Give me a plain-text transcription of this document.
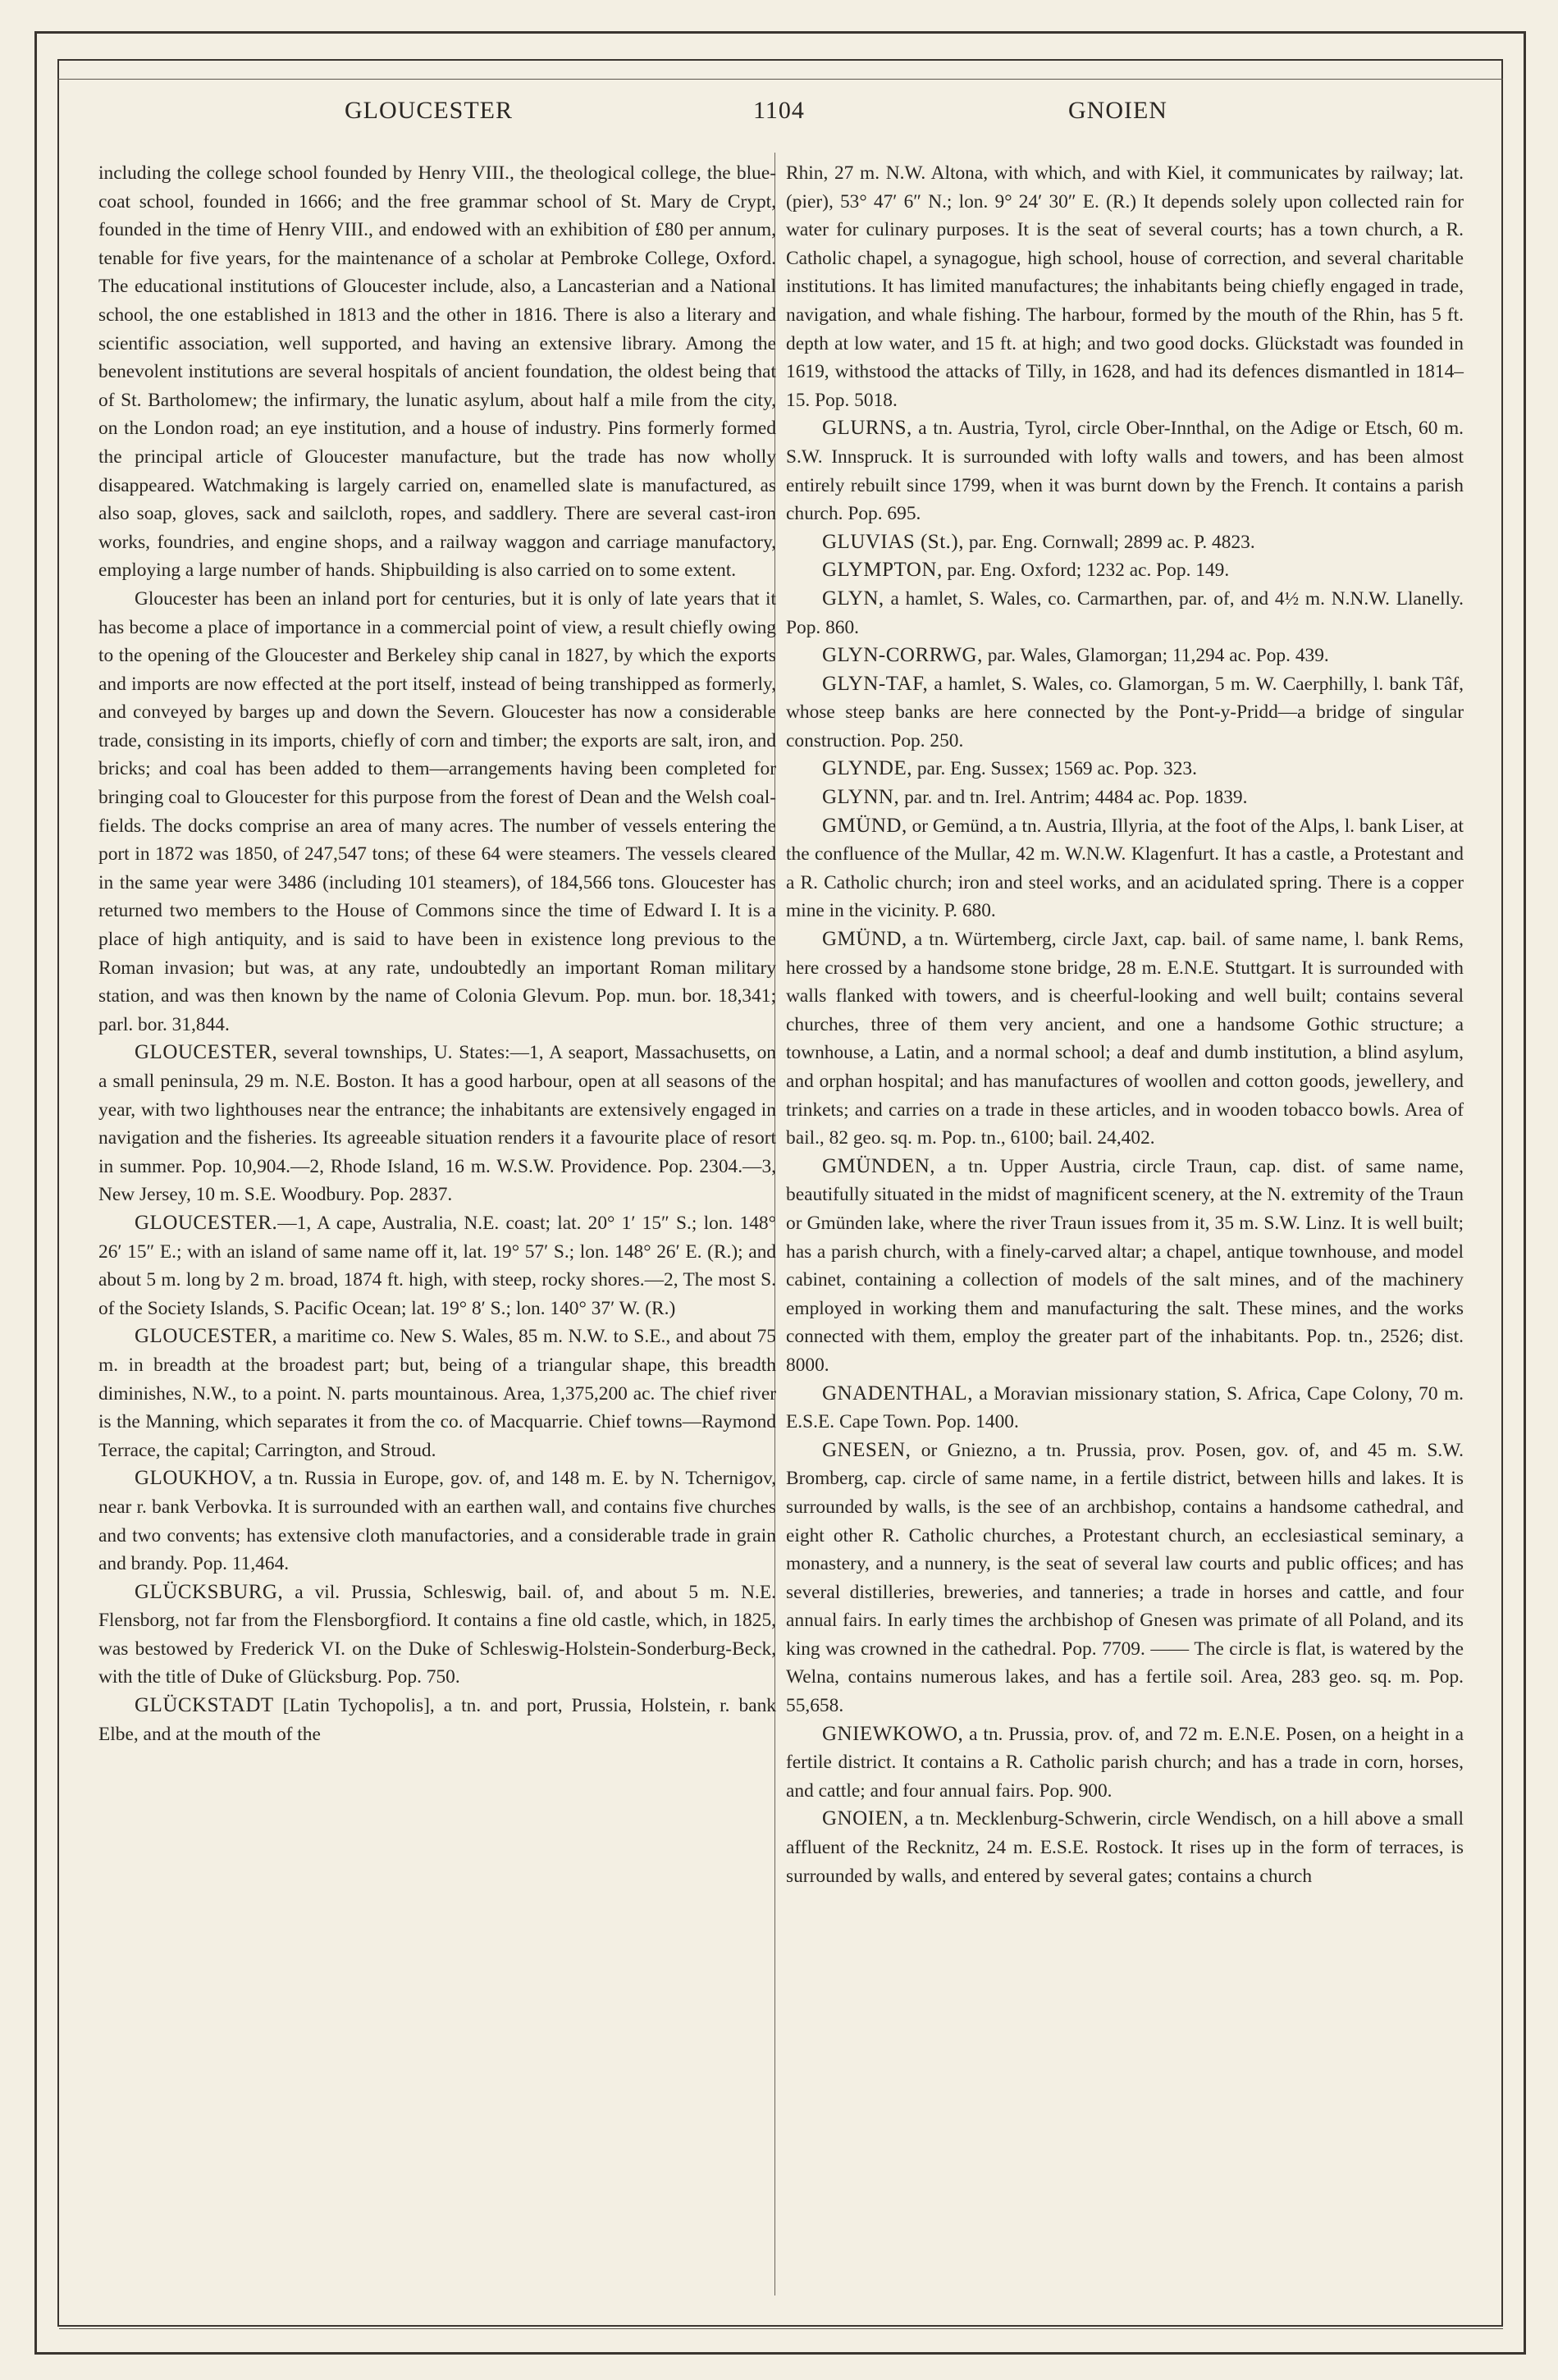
GLOUCESTER	1104	GNOIEN

including the college school founded by Henry VIII., the theological college, the blue-coat school, founded in 1666; and the free grammar school of St. Mary de Crypt, founded in the time of Henry VIII., and endowed with an exhibition of £80 per annum, tenable for five years, for the maintenance of a scholar at Pembroke College, Oxford. The educational institutions of Gloucester include, also, a Lancasterian and a National school, the one established in 1813 and the other in 1816. There is also a literary and scientific association, well supported, and having an extensive library. Among the benevolent institutions are several hospitals of ancient foundation, the oldest being that of St. Bartholomew; the infirmary, the lunatic asylum, about half a mile from the city, on the London road; an eye institution, and a house of industry. Pins formerly formed the principal article of Gloucester manufacture, but the trade has now wholly disappeared. Watchmaking is largely carried on, enamelled slate is manufactured, as also soap, gloves, sack and sailcloth, ropes, and saddlery. There are several cast-iron works, foundries, and engine shops, and a railway waggon and carriage manufactory, employing a large number of hands. Shipbuilding is also carried on to some extent.

Gloucester has been an inland port for centuries, but it is only of late years that it has become a place of importance in a commercial point of view, a result chiefly owing to the opening of the Gloucester and Berkeley ship canal in 1827, by which the exports and imports are now effected at the port itself, instead of being transhipped as formerly, and conveyed by barges up and down the Severn. Gloucester has now a considerable trade, consisting in its imports, chiefly of corn and timber; the exports are salt, iron, and bricks; and coal has been added to them—arrangements having been completed for bringing coal to Gloucester for this purpose from the forest of Dean and the Welsh coal-fields. The docks comprise an area of many acres. The number of vessels entering the port in 1872 was 1850, of 247,547 tons; of these 64 were steamers. The vessels cleared in the same year were 3486 (including 101 steamers), of 184,566 tons. Gloucester has returned two members to the House of Commons since the time of Edward I. It is a place of high antiquity, and is said to have been in existence long previous to the Roman invasion; but was, at any rate, undoubtedly an important Roman military station, and was then known by the name of Colonia Glevum. Pop. mun. bor. 18,341; parl. bor. 31,844.

GLOUCESTER, several townships, U. States:—1, A seaport, Massachusetts, on a small peninsula, 29 m. N.E. Boston. It has a good harbour, open at all seasons of the year, with two lighthouses near the entrance; the inhabitants are extensively engaged in navigation and the fisheries. Its agreeable situation renders it a favourite place of resort in summer. Pop. 10,904.—2, Rhode Island, 16 m. W.S.W. Providence. Pop. 2304.—3, New Jersey, 10 m. S.E. Woodbury. Pop. 2837.

GLOUCESTER.—1, A cape, Australia, N.E. coast; lat. 20° 1′ 15″ S.; lon. 148° 26′ 15″ E.; with an island of same name off it, lat. 19° 57′ S.; lon. 148° 26′ E. (R.); and about 5 m. long by 2 m. broad, 1874 ft. high, with steep, rocky shores.—2, The most S. of the Society Islands, S. Pacific Ocean; lat. 19° 8′ S.; lon. 140° 37′ W. (R.)

GLOUCESTER, a maritime co. New S. Wales, 85 m. N.W. to S.E., and about 75 m. in breadth at the broadest part; but, being of a triangular shape, this breadth diminishes, N.W., to a point. N. parts mountainous. Area, 1,375,200 ac. The chief river is the Manning, which separates it from the co. of Macquarrie. Chief towns—Raymond Terrace, the capital; Carrington, and Stroud.

GLOUKHOV, a tn. Russia in Europe, gov. of, and 148 m. E. by N. Tchernigov, near r. bank Verbovka. It is surrounded with an earthen wall, and contains five churches and two convents; has extensive cloth manufactories, and a considerable trade in grain and brandy. Pop. 11,464.

GLÜCKSBURG, a vil. Prussia, Schleswig, bail. of, and about 5 m. N.E. Flensborg, not far from the Flensborgfiord. It contains a fine old castle, which, in 1825, was bestowed by Frederick VI. on the Duke of Schleswig-Holstein-Sonderburg-Beck, with the title of Duke of Glücksburg. Pop. 750.

GLÜCKSTADT [Latin Tychopolis], a tn. and port, Prussia, Holstein, r. bank Elbe, and at the mouth of the

Rhin, 27 m. N.W. Altona, with which, and with Kiel, it communicates by railway; lat. (pier), 53° 47′ 6″ N.; lon. 9° 24′ 30″ E. (R.) It depends solely upon collected rain for water for culinary purposes. It is the seat of several courts; has a town church, a R. Catholic chapel, a synagogue, high school, house of correction, and several charitable institutions. It has limited manufactures; the inhabitants being chiefly engaged in trade, navigation, and whale fishing. The harbour, formed by the mouth of the Rhin, has 5 ft. depth at low water, and 15 ft. at high; and two good docks. Glückstadt was founded in 1619, withstood the attacks of Tilly, in 1628, and had its defences dismantled in 1814–15. Pop. 5018.

GLURNS, a tn. Austria, Tyrol, circle Ober-Innthal, on the Adige or Etsch, 60 m. S.W. Innspruck. It is surrounded with lofty walls and towers, and has been almost entirely rebuilt since 1799, when it was burnt down by the French. It contains a parish church. Pop. 695.

GLUVIAS (St.), par. Eng. Cornwall; 2899 ac. P. 4823.

GLYMPTON, par. Eng. Oxford; 1232 ac. Pop. 149.

GLYN, a hamlet, S. Wales, co. Carmarthen, par. of, and 4½ m. N.N.W. Llanelly. Pop. 860.

GLYN-CORRWG, par. Wales, Glamorgan; 11,294 ac. Pop. 439.

GLYN-TAF, a hamlet, S. Wales, co. Glamorgan, 5 m. W. Caerphilly, l. bank Tâf, whose steep banks are here connected by the Pont-y-Pridd—a bridge of singular construction. Pop. 250.

GLYNDE, par. Eng. Sussex; 1569 ac. Pop. 323.

GLYNN, par. and tn. Irel. Antrim; 4484 ac. Pop. 1839.

GMÜND, or Gemünd, a tn. Austria, Illyria, at the foot of the Alps, l. bank Liser, at the confluence of the Mullar, 42 m. W.N.W. Klagenfurt. It has a castle, a Protestant and a R. Catholic church; iron and steel works, and an acidulated spring. There is a copper mine in the vicinity. P. 680.

GMÜND, a tn. Würtemberg, circle Jaxt, cap. bail. of same name, l. bank Rems, here crossed by a handsome stone bridge, 28 m. E.N.E. Stuttgart. It is surrounded with walls flanked with towers, and is cheerful-looking and well built; contains several churches, three of them very ancient, and one a handsome Gothic structure; a townhouse, a Latin, and a normal school; a deaf and dumb institution, a blind asylum, and orphan hospital; and has manufactures of woollen and cotton goods, jewellery, and trinkets; and carries on a trade in these articles, and in wooden tobacco bowls. Area of bail., 82 geo. sq. m. Pop. tn., 6100; bail. 24,402.

GMÜNDEN, a tn. Upper Austria, circle Traun, cap. dist. of same name, beautifully situated in the midst of magnificent scenery, at the N. extremity of the Traun or Gmünden lake, where the river Traun issues from it, 35 m. S.W. Linz. It is well built; has a parish church, with a finely-carved altar; a chapel, antique townhouse, and model cabinet, containing a collection of models of the salt mines, and of the machinery employed in working them and manufacturing the salt. These mines, and the works connected with them, employ the greater part of the inhabitants. Pop. tn., 2526; dist. 8000.

GNADENTHAL, a Moravian missionary station, S. Africa, Cape Colony, 70 m. E.S.E. Cape Town. Pop. 1400.

GNESEN, or Gniezno, a tn. Prussia, prov. Posen, gov. of, and 45 m. S.W. Bromberg, cap. circle of same name, in a fertile district, between hills and lakes. It is surrounded by walls, is the see of an archbishop, contains a handsome cathedral, and eight other R. Catholic churches, a Protestant church, an ecclesiastical seminary, a monastery, and a nunnery, is the seat of several law courts and public offices; and has several distilleries, breweries, and tanneries; a trade in horses and cattle, and four annual fairs. In early times the archbishop of Gnesen was primate of all Poland, and its king was crowned in the cathedral. Pop. 7709. —— The circle is flat, is watered by the Welna, contains numerous lakes, and has a fertile soil. Area, 283 geo. sq. m. Pop. 55,658.

GNIEWKOWO, a tn. Prussia, prov. of, and 72 m. E.N.E. Posen, on a height in a fertile district. It contains a R. Catholic parish church; and has a trade in corn, horses, and cattle; and four annual fairs. Pop. 900.

GNOIEN, a tn. Mecklenburg-Schwerin, circle Wendisch, on a hill above a small affluent of the Recknitz, 24 m. E.S.E. Rostock. It rises up in the form of terraces, is surrounded by walls, and entered by several gates; contains a church
